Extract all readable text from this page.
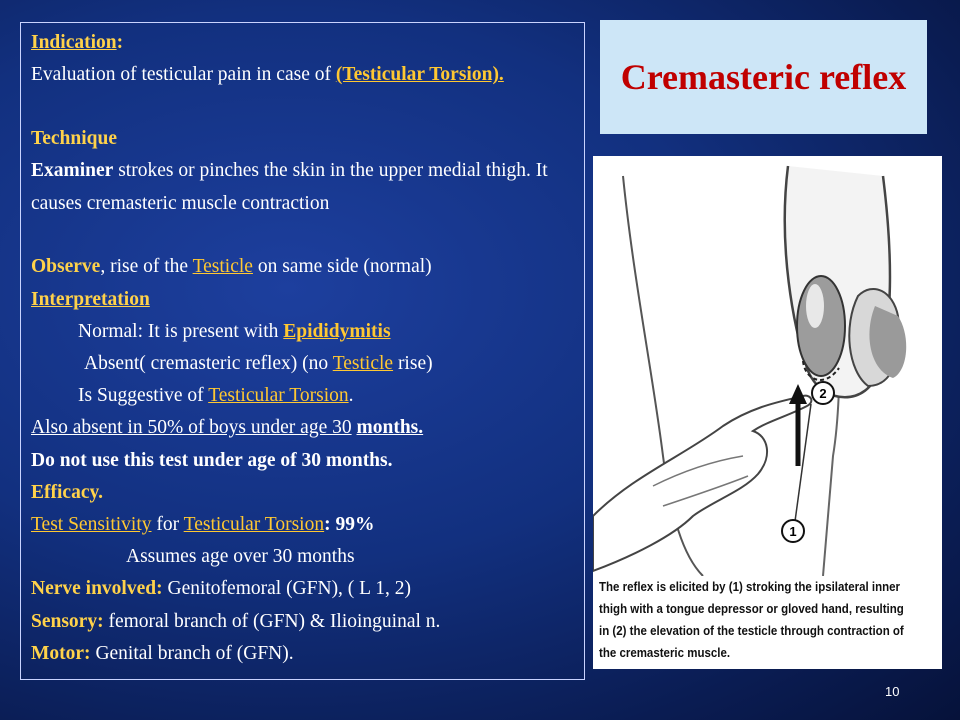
Indication:
Evaluation of testicular pain in case of (Testicular Torsion).
Technique
Examiner strokes or pinches the skin in the upper medial thigh. It causes cremasteric muscle contraction
Observe, rise of the Testicle on same side (normal)
Interpretation
Normal: It is present with Epididymitis
Absent( cremasteric reflex) (no Testicle rise)
Is Suggestive of Testicular Torsion.
Also absent in 50% of boys under age 30 months.
Do not use this test under age of 30 months.
Efficacy.
Test Sensitivity for Testicular Torsion: 99%
Assumes age over 30 months
Nerve involved: Genitofemoral (GFN), ( L 1, 2)
Sensory: femoral branch of (GFN) & Ilioinguinal n.
Motor: Genital branch of (GFN).
Cremasteric reflex
1
2
The reflex is elicited by (1) stroking the ipsilateral inner thigh with a tongue depressor or gloved hand, resulting in (2) the elevation of the testicle through contraction of the cremasteric muscle.
10
